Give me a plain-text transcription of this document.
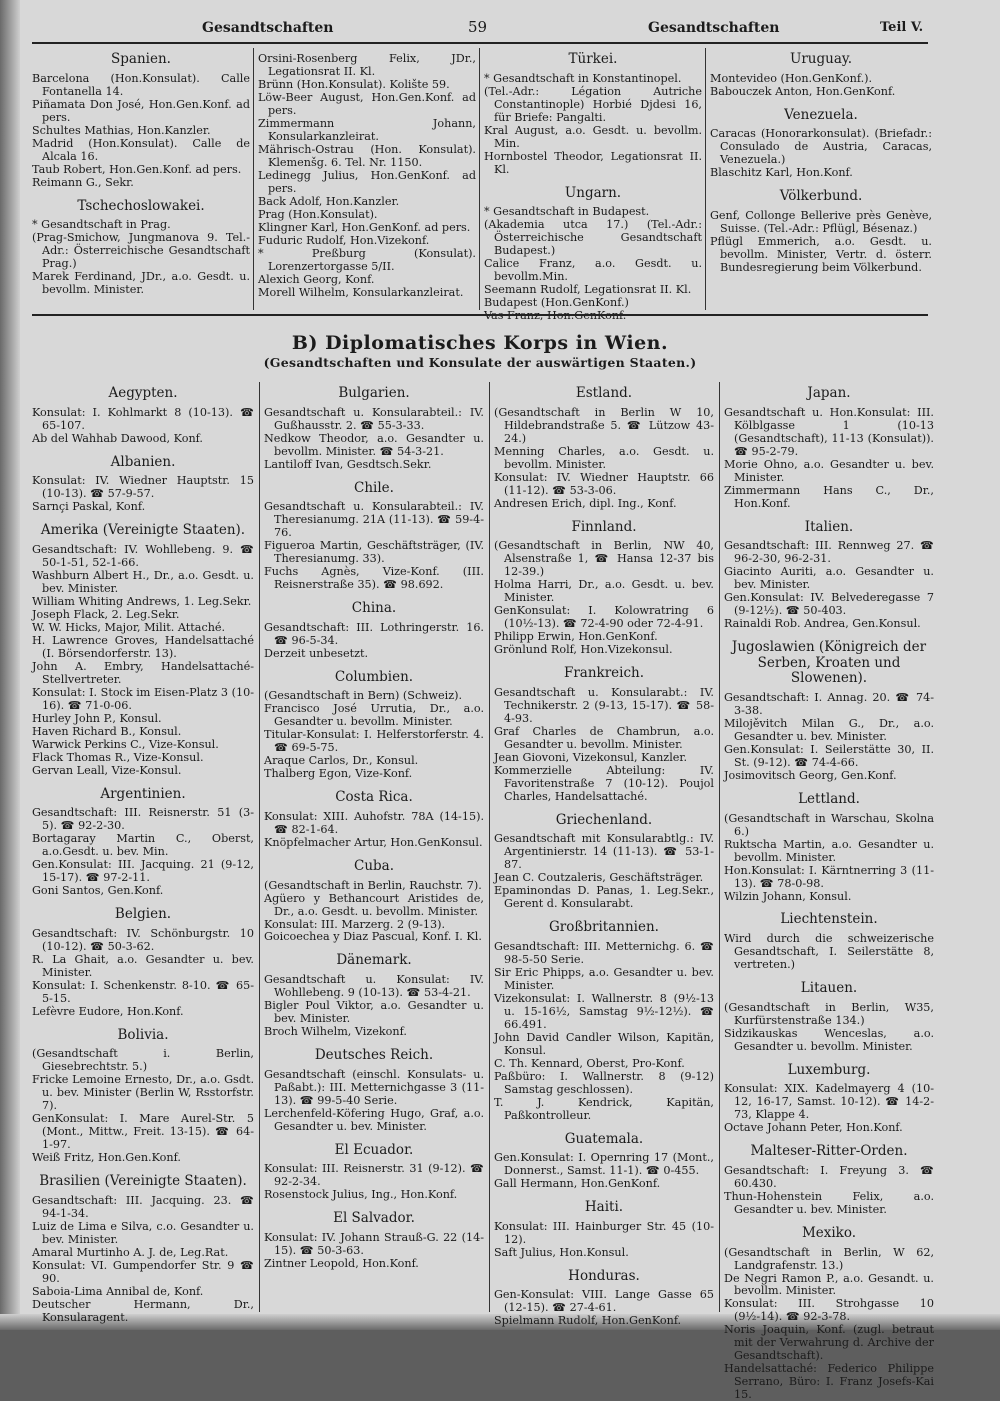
Gesandtschaften	59	Gesandtschaften	Teil V.
Spanien.
Barcelona (Hon.Konsulat). Calle Fontanella 14.
Piñamata Don José, Hon.Gen.Konf. ad pers.
Schultes Mathias, Hon.Kanzler.
Madrid (Hon.Konsulat). Calle de Alcala 16.
Taub Robert, Hon.Gen.Konf. ad pers.
Reimann G., Sekr.
Tschechoslowakei.
* Gesandtschaft in Prag.
(Prag-Smichow, Jungmanova 9. Tel.-Adr.: Österreichische Gesandtschaft Prag.)
Marek Ferdinand, JDr., a.o. Gesdt. u. bevollm. Minister.
Orsini-Rosenberg Felix, JDr., Legationsrat II. Kl.
Brünn (Hon.Konsulat). Kolište 59.
Löw-Beer August, Hon.Gen.Konf. ad pers.
Zimmermann Johann, Konsularkanzleirat.
Mährisch-Ostrau (Hon. Konsulat). Klemenšg. 6. Tel. Nr. 1150.
Ledinegg Julius, Hon.GenKonf. ad pers.
Back Adolf, Hon.Kanzler.
Prag (Hon.Konsulat).
Klingner Karl, Hon.GenKonf. ad pers.
Fuduric Rudolf, Hon.Vizekonf.
* Preßburg (Konsulat). Lorenzertorgasse 5/II.
Alexich Georg, Konf.
Morell Wilhelm, Konsularkanzleirat.
Türkei.
* Gesandtschaft in Konstantinopel.
(Tel.-Adr.: Légation Autriche Constantinople) Horbié Djdesi 16, für Briefe: Pangalti.
Kral August, a.o. Gesdt. u. bevollm. Min.
Hornbostel Theodor, Legationsrat II. Kl.
Ungarn.
* Gesandtschaft in Budapest.
(Akademia utca 17.) (Tel.-Adr.: Österreichische Gesandtschaft Budapest.)
Calice Franz, a.o. Gesdt. u. bevollm.Min.
Seemann Rudolf, Legationsrat II. Kl.
Budapest (Hon.GenKonf.)
Vas Franz, Hon.GenKonf.
Uruguay.
Montevideo (Hon.GenKonf.).
Babouczek Anton, Hon.GenKonf.
Venezuela.
Caracas (Honorarkonsulat). (Briefadr.: Consulado de Austria, Caracas, Venezuela.)
Blaschitz Karl, Hon.Konf.
Völkerbund.
Genf, Collonge Bellerive près Genève, Suisse. (Tel.-Adr.: Pflügl, Bésenaz.)
Pflügl Emmerich, a.o. Gesdt. u. bevollm. Minister, Vertr. d. österr. Bundesregierung beim Völkerbund.
B) Diplomatisches Korps in Wien.
(Gesandtschaften und Konsulate der auswärtigen Staaten.)
Aegypten.
Konsulat: I. Kohlmarkt 8 (10-13). ☎ 65-107.
Ab del Wahhab Dawood, Konf.
Albanien.
Konsulat: IV. Wiedner Hauptstr. 15 (10-13). ☎ 57-9-57.
Sarnçi Paskal, Konf.
Amerika (Vereinigte Staaten).
Gesandtschaft: IV. Wohllebeng. 9. ☎ 50-1-51, 52-1-66.
Washburn Albert H., Dr., a.o. Gesdt. u. bev. Minister.
William Whiting Andrews, 1. Leg.Sekr.
Joseph Flack, 2. Leg.Sekr.
W. W. Hicks, Major, Milit. Attaché.
H. Lawrence Groves, Handelsattaché (I. Börsendorferstr. 13).
John A. Embry, Handelsattaché-Stellvertreter.
Konsulat: I. Stock im Eisen-Platz 3 (10-16). ☎ 71-0-06.
Hurley John P., Konsul.
Haven Richard B., Konsul.
Warwick Perkins C., Vize-Konsul.
Flack Thomas R., Vize-Konsul.
Gervan Leall, Vize-Konsul.
Argentinien.
Gesandtschaft: III. Reisnerstr. 51 (3-5). ☎ 92-2-30.
Bortagaray Martin C., Oberst, a.o.Gesdt. u. bev. Min.
Gen.Konsulat: III. Jacquing. 21 (9-12, 15-17). ☎ 97-2-11.
Goni Santos, Gen.Konf.
Belgien.
Gesandtschaft: IV. Schönburgstr. 10 (10-12). ☎ 50-3-62.
R. La Ghait, a.o. Gesandter u. bev. Minister.
Konsulat: I. Schenkenstr. 8-10. ☎ 65-5-15.
Lefèvre Eudore, Hon.Konf.
Bolivia.
(Gesandtschaft i. Berlin, Giesebrechtstr. 5.)
Fricke Lemoine Ernesto, Dr., a.o. Gsdt. u. bev. Minister (Berlin W, Rsstorfstr. 7).
GenKonsulat: I. Mare Aurel-Str. 5 (Mont., Mittw., Freit. 13-15). ☎ 64-1-97.
Weiß Fritz, Hon.Gen.Konf.
Brasilien (Vereinigte Staaten).
Gesandtschaft: III. Jacquing. 23. ☎ 94-1-34.
Luiz de Lima e Silva, c.o. Gesandter u. bev. Minister.
Amaral Murtinho A. J. de, Leg.Rat.
Konsulat: VI. Gumpendorfer Str. 9 ☎ 90.
Saboia-Lima Annibal de, Konf.
Deutscher Hermann, Dr., Konsularagent.
Bulgarien.
Gesandtschaft u. Konsularabteil.: IV. Gußhausstr. 2. ☎ 55-3-33.
Nedkow Theodor, a.o. Gesandter u. bevollm. Minister. ☎ 54-3-21.
Lantiloff Ivan, Gesdtsch.Sekr.
Chile.
Gesandtschaft u. Konsularabteil.: IV. Theresianumg. 21A (11-13). ☎ 59-4-76.
Figueroa Martin, Geschäftsträger, (IV. Theresianumg. 33).
Fuchs Agnès, Vize-Konf. (III. Reisnerstraße 35). ☎ 98.692.
China.
Gesandtschaft: III. Lothringerstr. 16. ☎ 96-5-34.
Derzeit unbesetzt.
Columbien.
(Gesandtschaft in Bern) (Schweiz).
Francisco José Urrutia, Dr., a.o. Gesandter u. bevollm. Minister.
Titular-Konsulat: I. Helferstorferstr. 4. ☎ 69-5-75.
Araque Carlos, Dr., Konsul.
Thalberg Egon, Vize-Konf.
Costa Rica.
Konsulat: XIII. Auhofstr. 78A (14-15). ☎ 82-1-64.
Knöpfelmacher Artur, Hon.GenKonsul.
Cuba.
(Gesandtschaft in Berlin, Rauchstr. 7).
Agüero y Bethancourt Aristides de, Dr., a.o. Gesdt. u. bevollm. Minister.
Konsulat: III. Marzerg. 2 (9-13).
Goicoechea y Diaz Pascual, Konf. I. Kl.
Dänemark.
Gesandtschaft u. Konsulat: IV. Wohllebeng. 9 (10-13). ☎ 53-4-21.
Bigler Poul Viktor, a.o. Gesandter u. bev. Minister.
Broch Wilhelm, Vizekonf.
Deutsches Reich.
Gesandtschaft (einschl. Konsulats- u. Paßabt.): III. Metternichgasse 3 (11-13). ☎ 99-5-40 Serie.
Lerchenfeld-Köfering Hugo, Graf, a.o. Gesandter u. bev. Minister.
El Ecuador.
Konsulat: III. Reisnerstr. 31 (9-12). ☎ 92-2-34.
Rosenstock Julius, Ing., Hon.Konf.
El Salvador.
Konsulat: IV. Johann Strauß-G. 22 (14-15). ☎ 50-3-63.
Zintner Leopold, Hon.Konf.
Estland.
(Gesandtschaft in Berlin W 10, Hildebrandstraße 5. ☎ Lützow 43-24.)
Menning Charles, a.o. Gesdt. u. bevollm. Minister.
Konsulat: IV. Wiedner Hauptstr. 66 (11-12). ☎ 53-3-06.
Andresen Erich, dipl. Ing., Konf.
Finnland.
(Gesandtschaft in Berlin, NW 40, Alsenstraße 1, ☎ Hansa 12-37 bis 12-39.)
Holma Harri, Dr., a.o. Gesdt. u. bev. Minister.
GenKonsulat: I. Kolowratring 6 (10½-13). ☎ 72-4-90 oder 72-4-91.
Philipp Erwin, Hon.GenKonf.
Grönlund Rolf, Hon.Vizekonsul.
Frankreich.
Gesandtschaft u. Konsularabt.: IV. Technikerstr. 2 (9-13, 15-17). ☎ 58-4-93.
Graf Charles de Chambrun, a.o. Gesandter u. bevollm. Minister.
Jean Giovoni, Vizekonsul, Kanzler.
Kommerzielle Abteilung: IV. Favoritenstraße 7 (10-12). Poujol Charles, Handelsattaché.
Griechenland.
Gesandtschaft mit Konsularabtlg.: IV. Argentinierstr. 14 (11-13). ☎ 53-1-87.
Jean C. Coutzaleris, Geschäftsträger.
Epaminondas D. Panas, 1. Leg.Sekr., Gerent d. Konsularabt.
Großbritannien.
Gesandtschaft: III. Metternichg. 6. ☎ 98-5-50 Serie.
Sir Eric Phipps, a.o. Gesandter u. bev. Minister.
Vizekonsulat: I. Wallnerstr. 8 (9½-13 u. 15-16½, Samstag 9½-12½). ☎ 66.491.
John David Candler Wilson, Kapitän, Konsul.
C. Th. Kennard, Oberst, Pro-Konf.
Paßbüro: I. Wallnerstr. 8 (9-12) Samstag geschlossen).
T. J. Kendrick, Kapitän, Paßkontrolleur.
Guatemala.
Gen.Konsulat: I. Opernring 17 (Mont., Donnerst., Samst. 11-1). ☎ 0-455.
Gall Hermann, Hon.GenKonf.
Haiti.
Konsulat: III. Hainburger Str. 45 (10-12).
Saft Julius, Hon.Konsul.
Honduras.
Gen-Konsulat: VIII. Lange Gasse 65 (12-15). ☎ 27-4-61.
Spielmann Rudolf, Hon.GenKonf.
Japan.
Gesandtschaft u. Hon.Konsulat: III. Kölblgasse 1 (10-13 (Gesandtschaft), 11-13 (Konsulat)). ☎ 95-2-79.
Morie Ohno, a.o. Gesandter u. bev. Minister.
Zimmermann Hans C., Dr., Hon.Konf.
Italien.
Gesandtschaft: III. Rennweg 27. ☎ 96-2-30, 96-2-31.
Giacinto Auriti, a.o. Gesandter u. bev. Minister.
Gen.Konsulat: IV. Belvederegasse 7 (9-12½). ☎ 50-403.
Rainaldi Rob. Andrea, Gen.Konsul.
Jugoslawien (Königreich der Serben, Kroaten und Slowenen).
Gesandtschaft: I. Annag. 20. ☎ 74-3-38.
Milojěvitch Milan G., Dr., a.o. Gesandter u. bev. Minister.
Gen.Konsulat: I. Seilerstätte 30, II. St. (9-12). ☎ 74-4-66.
Josimovitsch Georg, Gen.Konf.
Lettland.
(Gesandtschaft in Warschau, Skolna 6.)
Ruktscha Martin, a.o. Gesandter u. bevollm. Minister.
Hon.Konsulat: I. Kärntnerring 3 (11-13). ☎ 78-0-98.
Wilzin Johann, Konsul.
Liechtenstein.
Wird durch die schweizerische Gesandtschaft, I. Seilerstätte 8, vertreten.)
Litauen.
(Gesandtschaft in Berlin, W35, Kurfürstenstraße 134.)
Sidzikauskas Wenceslas, a.o. Gesandter u. bevollm. Minister.
Luxemburg.
Konsulat: XIX. Kadelmayerg 4 (10-12, 16-17, Samst. 10-12). ☎ 14-2-73, Klappe 4.
Octave Johann Peter, Hon.Konf.
Malteser-Ritter-Orden.
Gesandtschaft: I. Freyung 3. ☎ 60.430.
Thun-Hohenstein Felix, a.o. Gesandter u. bev. Minister.
Mexiko.
(Gesandtschaft in Berlin, W 62, Landgrafenstr. 13.)
De Negri Ramon P., a.o. Gesandt. u. bevollm. Minister.
Konsulat: III. Strohgasse 10 (9½-14). ☎ 92-3-78.
Noris Joaquin, Konf. (zugl. betraut mit der Verwahrung d. Archive der Gesandtschaft).
Handelsattaché: Federico Philippe Serrano, Büro: I. Franz Josefs-Kai 15.
